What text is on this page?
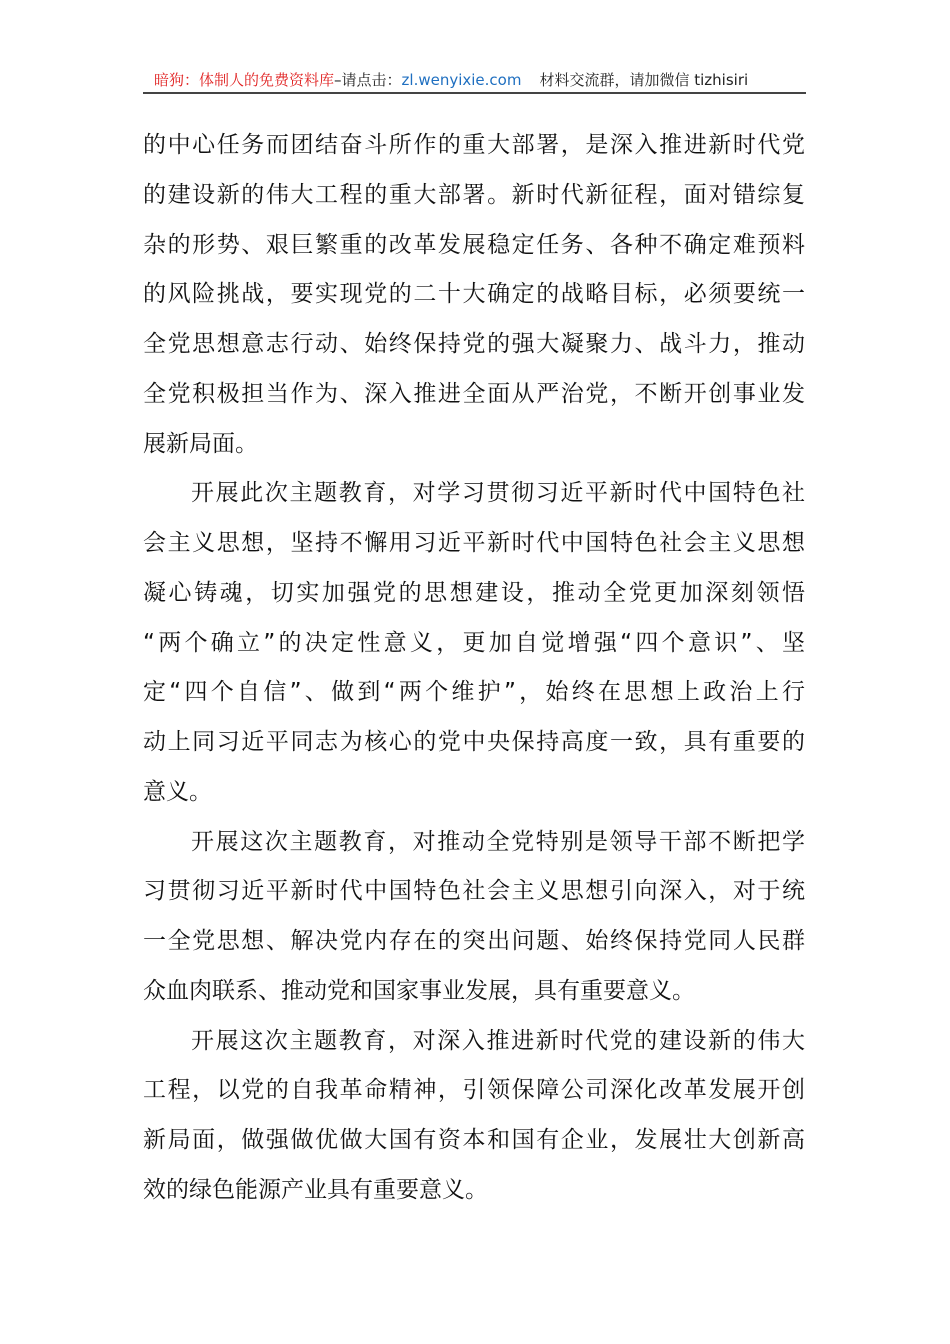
暗狗：体制人的免费资料库–请点击：zl.wenyixie.com 材料交流群，请加微信 tizhisiri
的中心任务而团结奋斗所作的重大部署，是深入推进新时代党
的建设新的伟大工程的重大部署。新时代新征程，面对错综复
杂的形势、艰巨繁重的改革发展稳定任务、各种不确定难预料
的风险挑战，要实现党的二十大确定的战略目标，必须要统一
全党思想意志行动、始终保持党的强大凝聚力、战斗力，推动
全党积极担当作为、深入推进全面从严治党，不断开创事业发
展新局面。
开展此次主题教育，对学习贯彻习近平新时代中国特色社
会主义思想，坚持不懈用习近平新时代中国特色社会主义思想
凝心铸魂，切实加强党的思想建设，推动全党更加深刻领悟
“两个确立”的决定性意义，更加自觉增强“四个意识”、坚
定“四个自信”、做到“两个维护”，始终在思想上政治上行
动上同习近平同志为核心的党中央保持高度一致，具有重要的
意义。
开展这次主题教育，对推动全党特别是领导干部不断把学
习贯彻习近平新时代中国特色社会主义思想引向深入，对于统
一全党思想、解决党内存在的突出问题、始终保持党同人民群
众血肉联系、推动党和国家事业发展，具有重要意义。
开展这次主题教育，对深入推进新时代党的建设新的伟大
工程，以党的自我革命精神，引领保障公司深化改革发展开创
新局面，做强做优做大国有资本和国有企业，发展壮大创新高
效的绿色能源产业具有重要意义。
